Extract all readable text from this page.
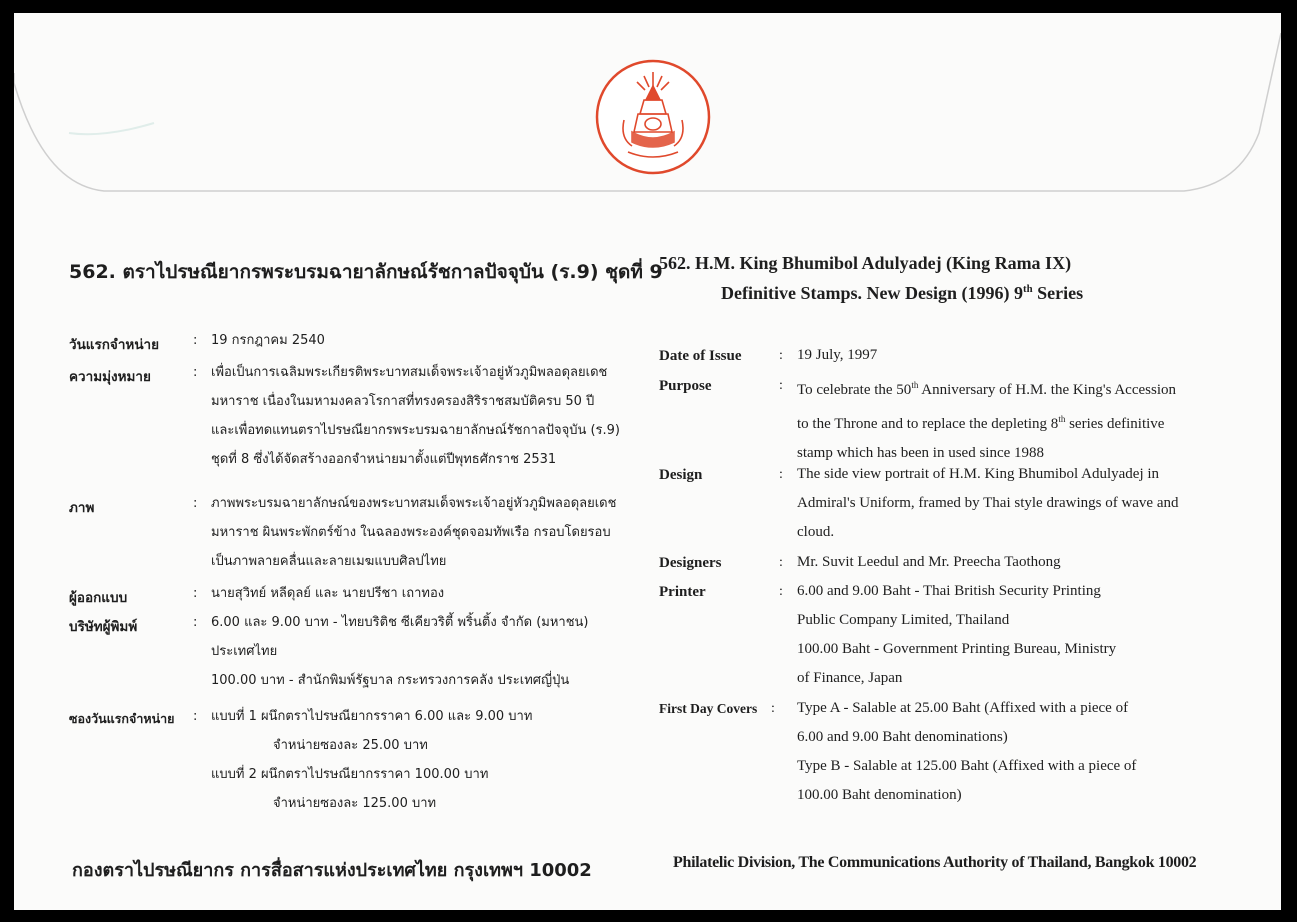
562. ตราไปรษณียากรพระบรมฉายาลักษณ์รัชกาลปัจจุบัน (ร.9) ชุดที่ 9
วันแรกจำหน่าย	: 19 กรกฎาคม 2540
ความมุ่งหมาย	: เพื่อเป็นการเฉลิมพระเกียรติพระบาทสมเด็จพระเจ้าอยู่หัวภูมิพลอดุลยเดช
มหาราช เนื่องในมหามงคลวโรกาสที่ทรงครองสิริราชสมบัติครบ 50 ปี
และเพื่อทดแทนตราไปรษณียากรพระบรมฉายาลักษณ์รัชกาลปัจจุบัน (ร.9)
ชุดที่ 8 ซึ่งได้จัดสร้างออกจำหน่ายมาตั้งแต่ปีพุทธศักราช 2531
ภาพ	: ภาพพระบรมฉายาลักษณ์ของพระบาทสมเด็จพระเจ้าอยู่หัวภูมิพลอดุลยเดช
มหาราช ผินพระพักตร์ข้าง ในฉลองพระองค์ชุดจอมทัพเรือ กรอบโดยรอบ
เป็นภาพลายคลื่นและลายเมฆแบบศิลปไทย
ผู้ออกแบบ	: นายสุวิทย์ หลีดุลย์ และ นายปรีชา เถาทอง
บริษัทผู้พิมพ์	: 6.00 และ 9.00 บาท - ไทยบริติช ซีเคียวริตี้ พริ้นติ้ง จำกัด (มหาชน)
ประเทศไทย
100.00 บาท - สำนักพิมพ์รัฐบาล กระทรวงการคลัง ประเทศญี่ปุ่น
ซองวันแรกจำหน่าย : แบบที่ 1 ผนึกตราไปรษณียากรราคา 6.00 และ 9.00 บาท
จำหน่ายซองละ 25.00 บาท
แบบที่ 2 ผนึกตราไปรษณียากรราคา 100.00 บาท
จำหน่ายซองละ 125.00 บาท
562. H.M. King Bhumibol Adulyadej (King Rama IX)
Definitive Stamps. New Design (1996) 9th Series
Date of Issue	: 19 July, 1997
Purpose	: To celebrate the 50th Anniversary of H.M. the King's Accession
to the Throne and to replace the depleting 8th series definitive
stamp which has been in used since 1988
Design	: The side view portrait of H.M. King Bhumibol Adulyadej in
Admiral's Uniform, framed by Thai style drawings of wave and
cloud.
Designers	: Mr. Suvit Leedul and Mr. Preecha Taothong
Printer	: 6.00 and 9.00 Baht - Thai British Security Printing
Public Company Limited, Thailand
100.00 Baht - Government Printing Bureau, Ministry
of Finance, Japan
First Day Covers : Type A - Salable at 25.00 Baht (Affixed with a piece of
6.00 and 9.00 Baht denominations)
Type B - Salable at 125.00 Baht (Affixed with a piece of
100.00 Baht denomination)
กองตราไปรษณียากร การสื่อสารแห่งประเทศไทย กรุงเทพฯ 10002	Philatelic Division, The Communications Authority of Thailand, Bangkok 10002
